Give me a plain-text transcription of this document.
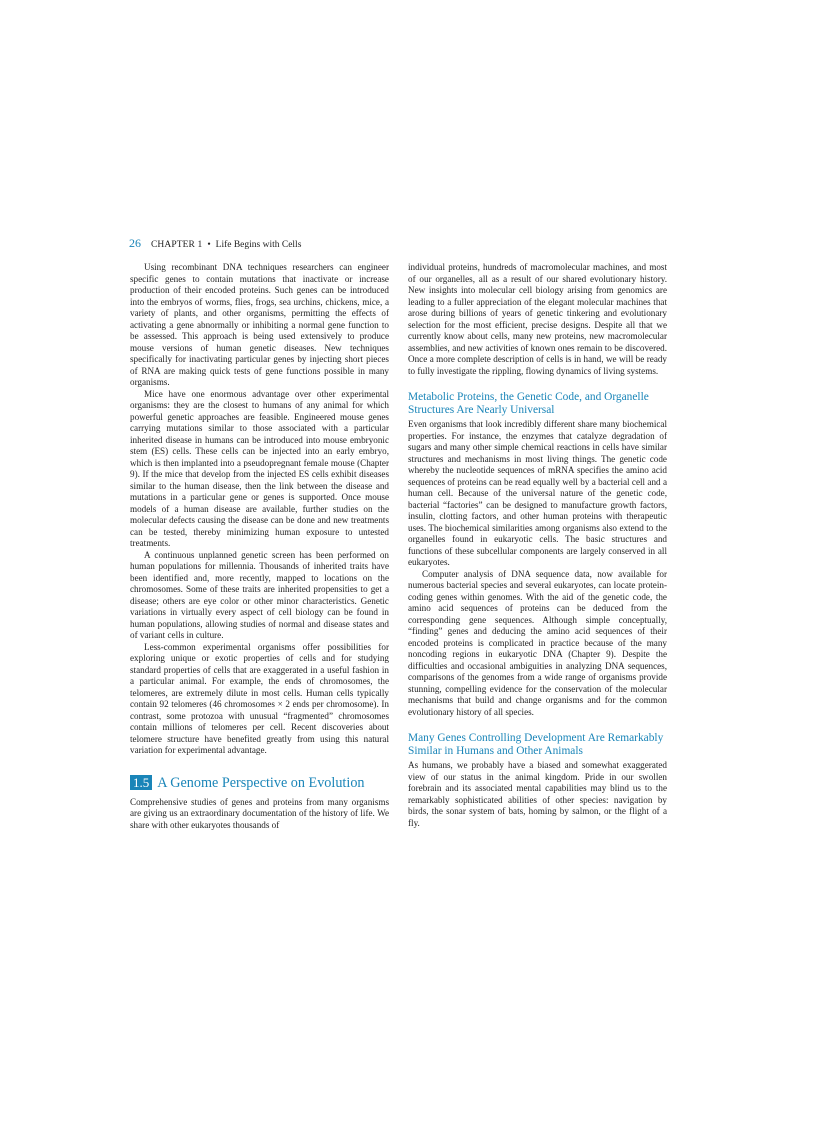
26 CHAPTER 1 • Life Begins with Cells

Using recombinant DNA techniques researchers can engineer specific genes to contain mutations that inactivate or increase production of their encoded proteins. Such genes can be introduced into the embryos of worms, flies, frogs, sea urchins, chickens, mice, a variety of plants, and other organisms, permitting the effects of activating a gene abnormally or inhibiting a normal gene function to be assessed. This approach is being used extensively to produce mouse versions of human genetic diseases. New techniques specifically for inactivating particular genes by injecting short pieces of RNA are making quick tests of gene functions possible in many organisms.

Mice have one enormous advantage over other experimental organisms: they are the closest to humans of any animal for which powerful genetic approaches are feasible. Engineered mouse genes carrying mutations similar to those associated with a particular inherited disease in humans can be introduced into mouse embryonic stem (ES) cells. These cells can be injected into an early embryo, which is then implanted into a pseudopregnant female mouse (Chapter 9). If the mice that develop from the injected ES cells exhibit diseases similar to the human disease, then the link between the disease and mutations in a particular gene or genes is supported. Once mouse models of a human disease are available, further studies on the molecular defects causing the disease can be done and new treatments can be tested, thereby minimizing human exposure to untested treatments.

A continuous unplanned genetic screen has been performed on human populations for millennia. Thousands of inherited traits have been identified and, more recently, mapped to locations on the chromosomes. Some of these traits are inherited propensities to get a disease; others are eye color or other minor characteristics. Genetic variations in virtually every aspect of cell biology can be found in human populations, allowing studies of normal and disease states and of variant cells in culture.

Less-common experimental organisms offer possibilities for exploring unique or exotic properties of cells and for studying standard properties of cells that are exaggerated in a useful fashion in a particular animal. For example, the ends of chromosomes, the telomeres, are extremely dilute in most cells. Human cells typically contain 92 telomeres (46 chromosomes × 2 ends per chromosome). In contrast, some protozoa with unusual “fragmented” chromosomes contain millions of telomeres per cell. Recent discoveries about telomere structure have benefited greatly from using this natural variation for experimental advantage.

1.5 A Genome Perspective on Evolution

Comprehensive studies of genes and proteins from many organisms are giving us an extraordinary documentation of the history of life. We share with other eukaryotes thousands of

individual proteins, hundreds of macromolecular machines, and most of our organelles, all as a result of our shared evolutionary history. New insights into molecular cell biology arising from genomics are leading to a fuller appreciation of the elegant molecular machines that arose during billions of years of genetic tinkering and evolutionary selection for the most efficient, precise designs. Despite all that we currently know about cells, many new proteins, new macromolecular assemblies, and new activities of known ones remain to be discovered. Once a more complete description of cells is in hand, we will be ready to fully investigate the rippling, flowing dynamics of living systems.

Metabolic Proteins, the Genetic Code, and Organelle Structures Are Nearly Universal

Even organisms that look incredibly different share many biochemical properties. For instance, the enzymes that catalyze degradation of sugars and many other simple chemical reactions in cells have similar structures and mechanisms in most living things. The genetic code whereby the nucleotide sequences of mRNA specifies the amino acid sequences of proteins can be read equally well by a bacterial cell and a human cell. Because of the universal nature of the genetic code, bacterial “factories” can be designed to manufacture growth factors, insulin, clotting factors, and other human proteins with therapeutic uses. The biochemical similarities among organisms also extend to the organelles found in eukaryotic cells. The basic structures and functions of these subcellular components are largely conserved in all eukaryotes.

Computer analysis of DNA sequence data, now available for numerous bacterial species and several eukaryotes, can locate protein-coding genes within genomes. With the aid of the genetic code, the amino acid sequences of proteins can be deduced from the corresponding gene sequences. Although simple conceptually, “finding” genes and deducing the amino acid sequences of their encoded proteins is complicated in practice because of the many noncoding regions in eukaryotic DNA (Chapter 9). Despite the difficulties and occasional ambiguities in analyzing DNA sequences, comparisons of the genomes from a wide range of organisms provide stunning, compelling evidence for the conservation of the molecular mechanisms that build and change organisms and for the common evolutionary history of all species.

Many Genes Controlling Development Are Remarkably Similar in Humans and Other Animals

As humans, we probably have a biased and somewhat exaggerated view of our status in the animal kingdom. Pride in our swollen forebrain and its associated mental capabilities may blind us to the remarkably sophisticated abilities of other species: navigation by birds, the sonar system of bats, homing by salmon, or the flight of a fly.
